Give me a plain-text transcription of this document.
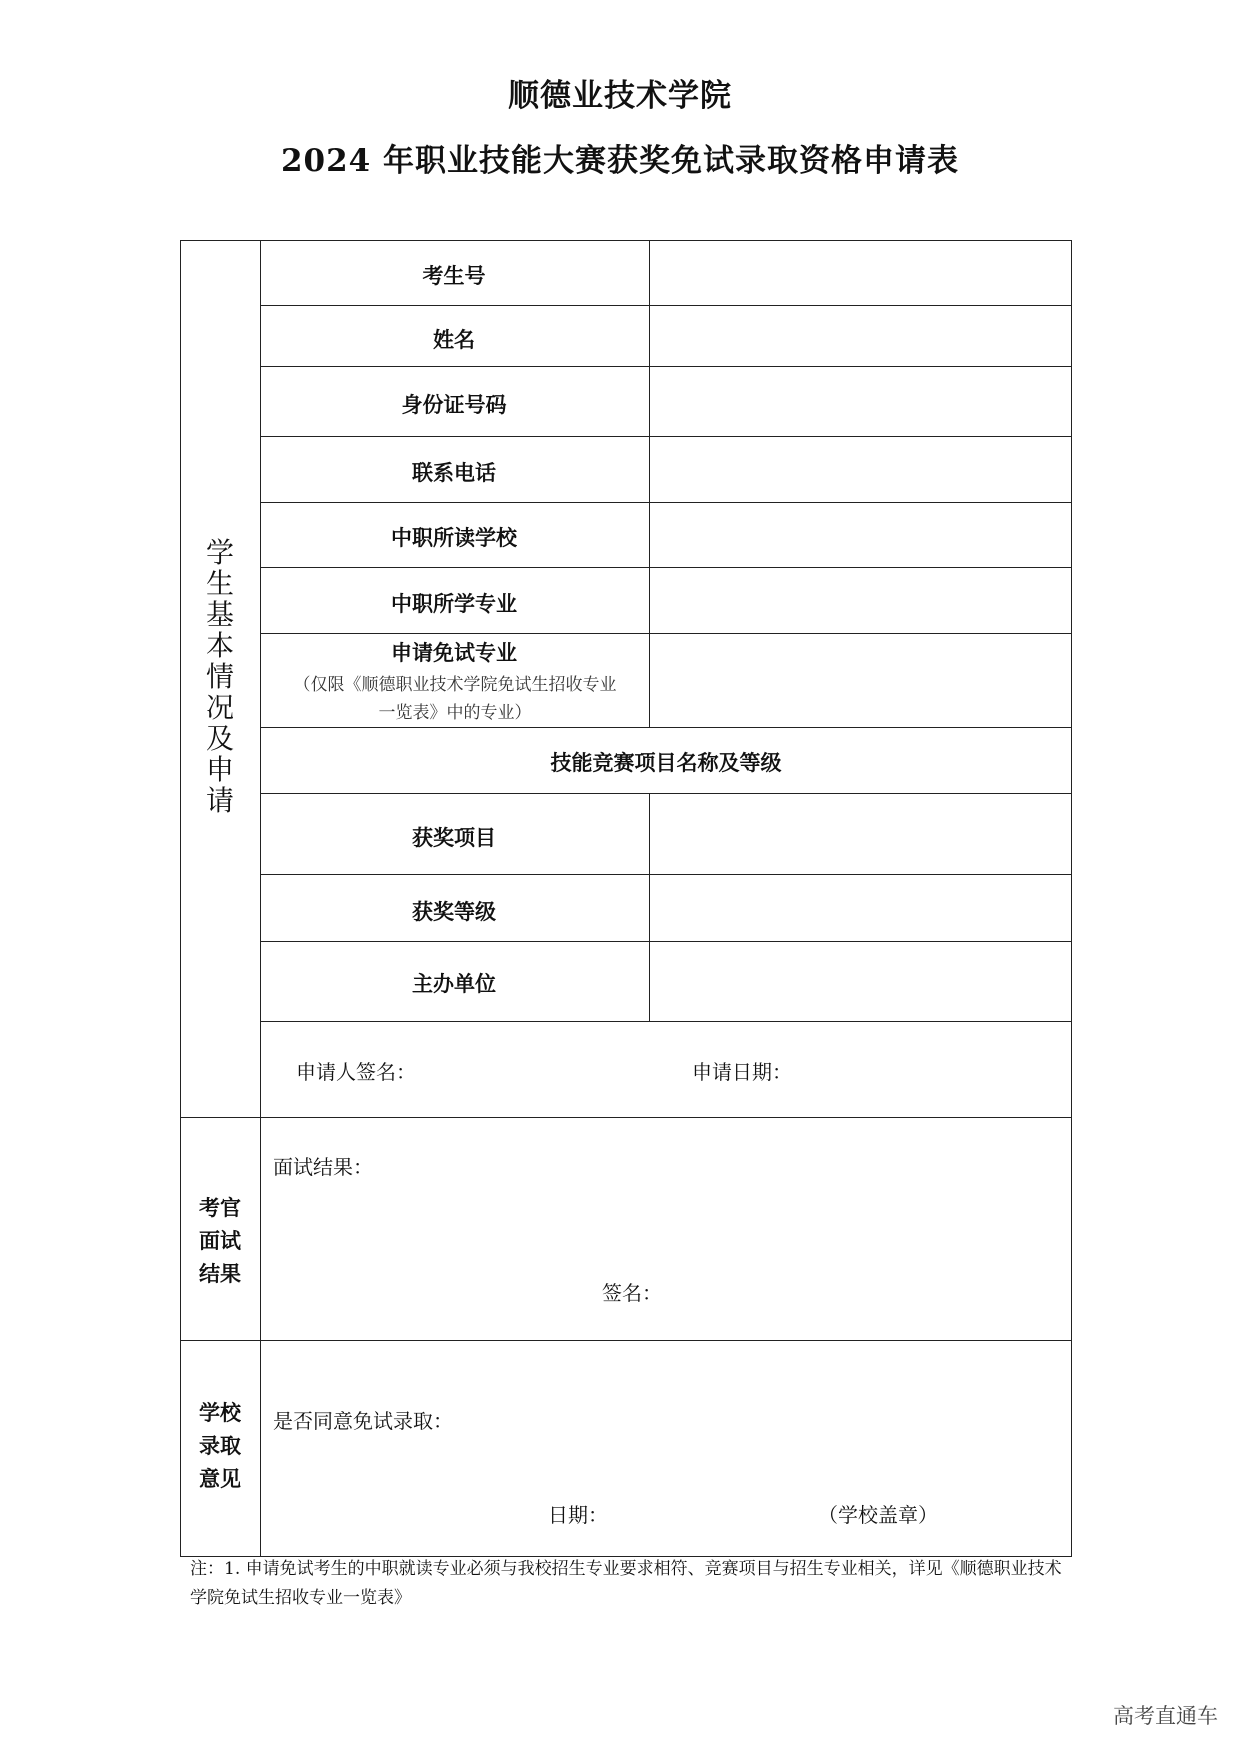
顺德业技术学院
2024 年职业技能大赛获奖免试录取资格申请表
学
生
基
本
情
况
及
申
请
考生号
姓名
身份证号码
联系电话
中职所读学校
中职所学专业
申请免试专业
（仅限《顺德职业技术学院免试生招收专业
一览表》中的专业）
技能竞赛项目名称及等级
获奖项目
获奖等级
主办单位
申请人签名：	申请日期：
考官
面试
结果
面试结果：
签名：
学校
录取
意见
是否同意免试录取：
日期：	（学校盖章）
注：1. 申请免试考生的中职就读专业必须与我校招生专业要求相符、竞赛项目与招生专业相关，详见《顺德职业技术学院免试生招收专业一览表》
高考直通车
